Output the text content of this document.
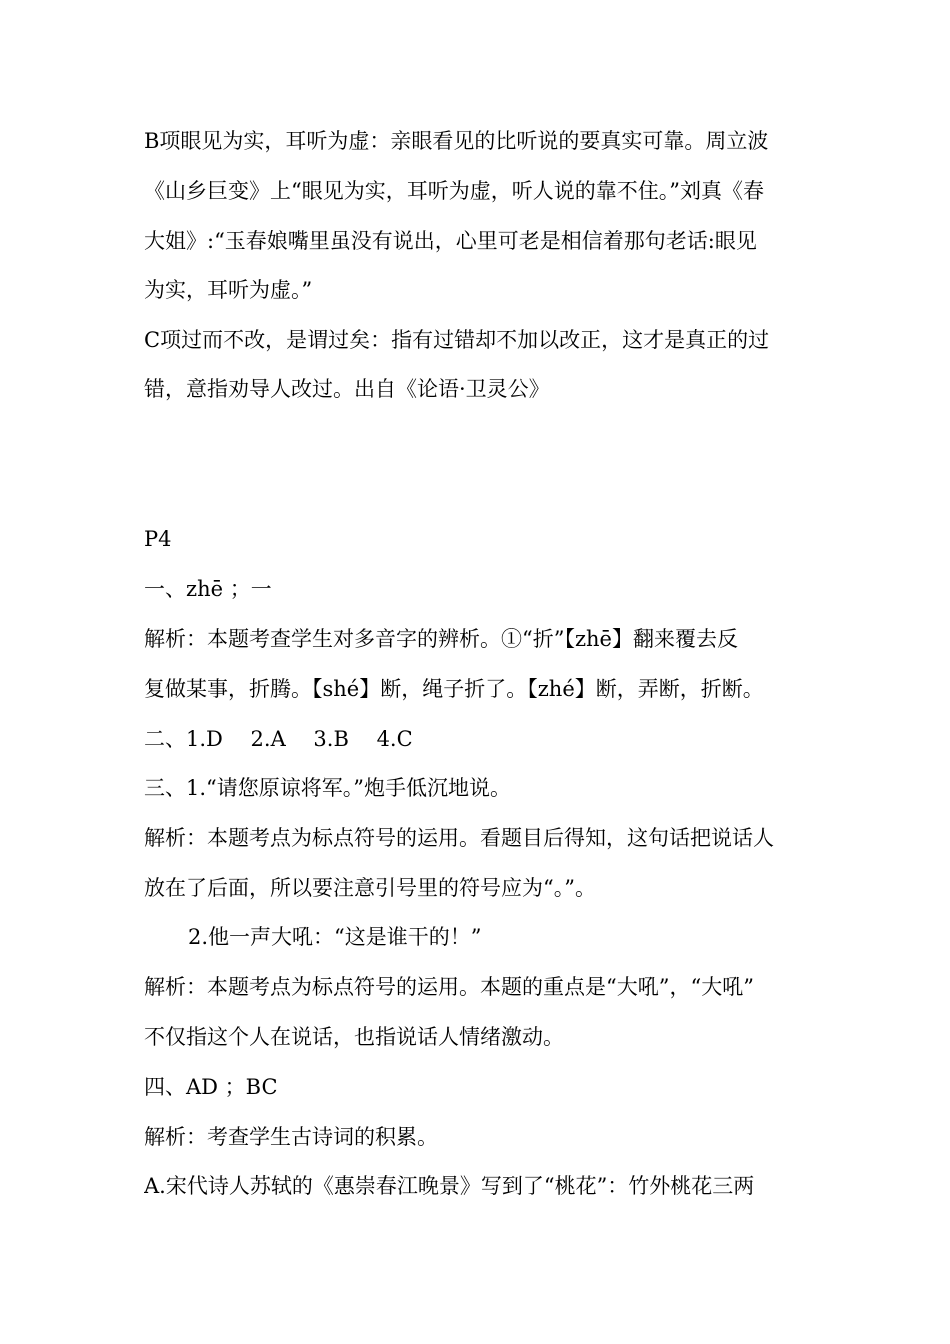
B项眼见为实，耳听为虚：亲眼看见的比听说的要真实可靠。周立波
《山乡巨变》上“眼见为实，耳听为虚，听人说的靠不住。”刘真《春
大姐》:“玉春娘嘴里虽没有说出，心里可老是相信着那句老话:眼见
为实，耳听为虚。”
C项过而不改，是谓过矣：指有过错却不加以改正，这才是真正的过
错，意指劝导人改过。出自《论语·卫灵公》
P4
一、zhē ；一
解析：本题考查学生对多音字的辨析。①“折”【zhē】翻来覆去反
复做某事，折腾。【shé】断，绳子折了。【zhé】断，弄断，折断。
二、1.D　 2.A　 3.B　 4.C
三、1.“请您原谅将军。”炮手低沉地说。
解析：本题考点为标点符号的运用。看题目后得知，这句话把说话人
放在了后面，所以要注意引号里的符号应为“。”。
2.他一声大吼：“这是谁干的！”
解析：本题考点为标点符号的运用。本题的重点是“大吼”，“大吼”
不仅指这个人在说话，也指说话人情绪激动。
四、AD ；BC
解析：考查学生古诗词的积累。
A.宋代诗人苏轼的《惠崇春江晚景》写到了“桃花”：竹外桃花三两
